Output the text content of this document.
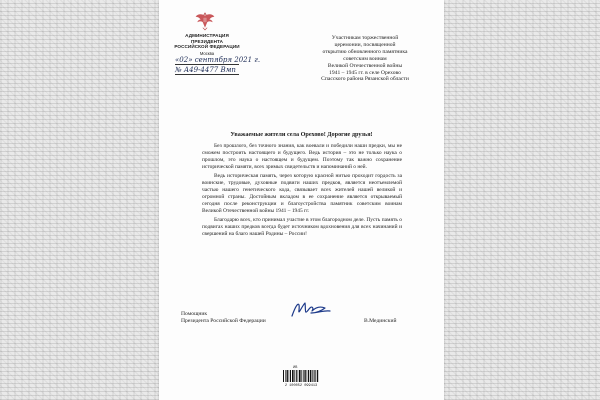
АДМИНИСТРАЦИЯ
ПРЕЗИДЕНТА
РОССИЙСКОЙ ФЕДЕРАЦИИ
Москва
«02» сентября 2021 г.
№ А49-4477 Вмп
Участникам торжественной
церемонии, посвященной
открытию обновленного памятника
советским воинам
Великой Отечественной войны
1941 – 1945 гг. в селе Орехово
Спасского района Рязанской области
Уважаемые жители села Орехово! Дорогие друзья!

Без прошлого, без точного знания, как воевали и победили наши предки, мы не сможем построить настоящего и будущего. Ведь история – это не только наука о прошлом, это наука о настоящем и будущем. Поэтому так важно сохранение исторической памяти, всех зримых свидетельств и напоминаний о ней.

Ведь историческая память, через которую красной нитью проходит гордость за воинские, трудовые, духовные подвиги наших предков, является неотъемлемой частью нашего генетического кода, связывает всех жителей нашей великой и огромной страны. Достойным вкладом в ее сохранение является открываемый сегодня после реконструкции и благоустройства памятник советским воинам Великой Отечественной войны 1941 – 1945 гг.

Благодарю всех, кто принимал участие в этом благородном деле. Пусть память о подвигах наших предков всегда будет источником вдохновения для всех начинаний и свершений на благо нашей Родины – России!

Помощник
Президента Российской Федерации	В.Мединский
ИВ
2 100052 099413
